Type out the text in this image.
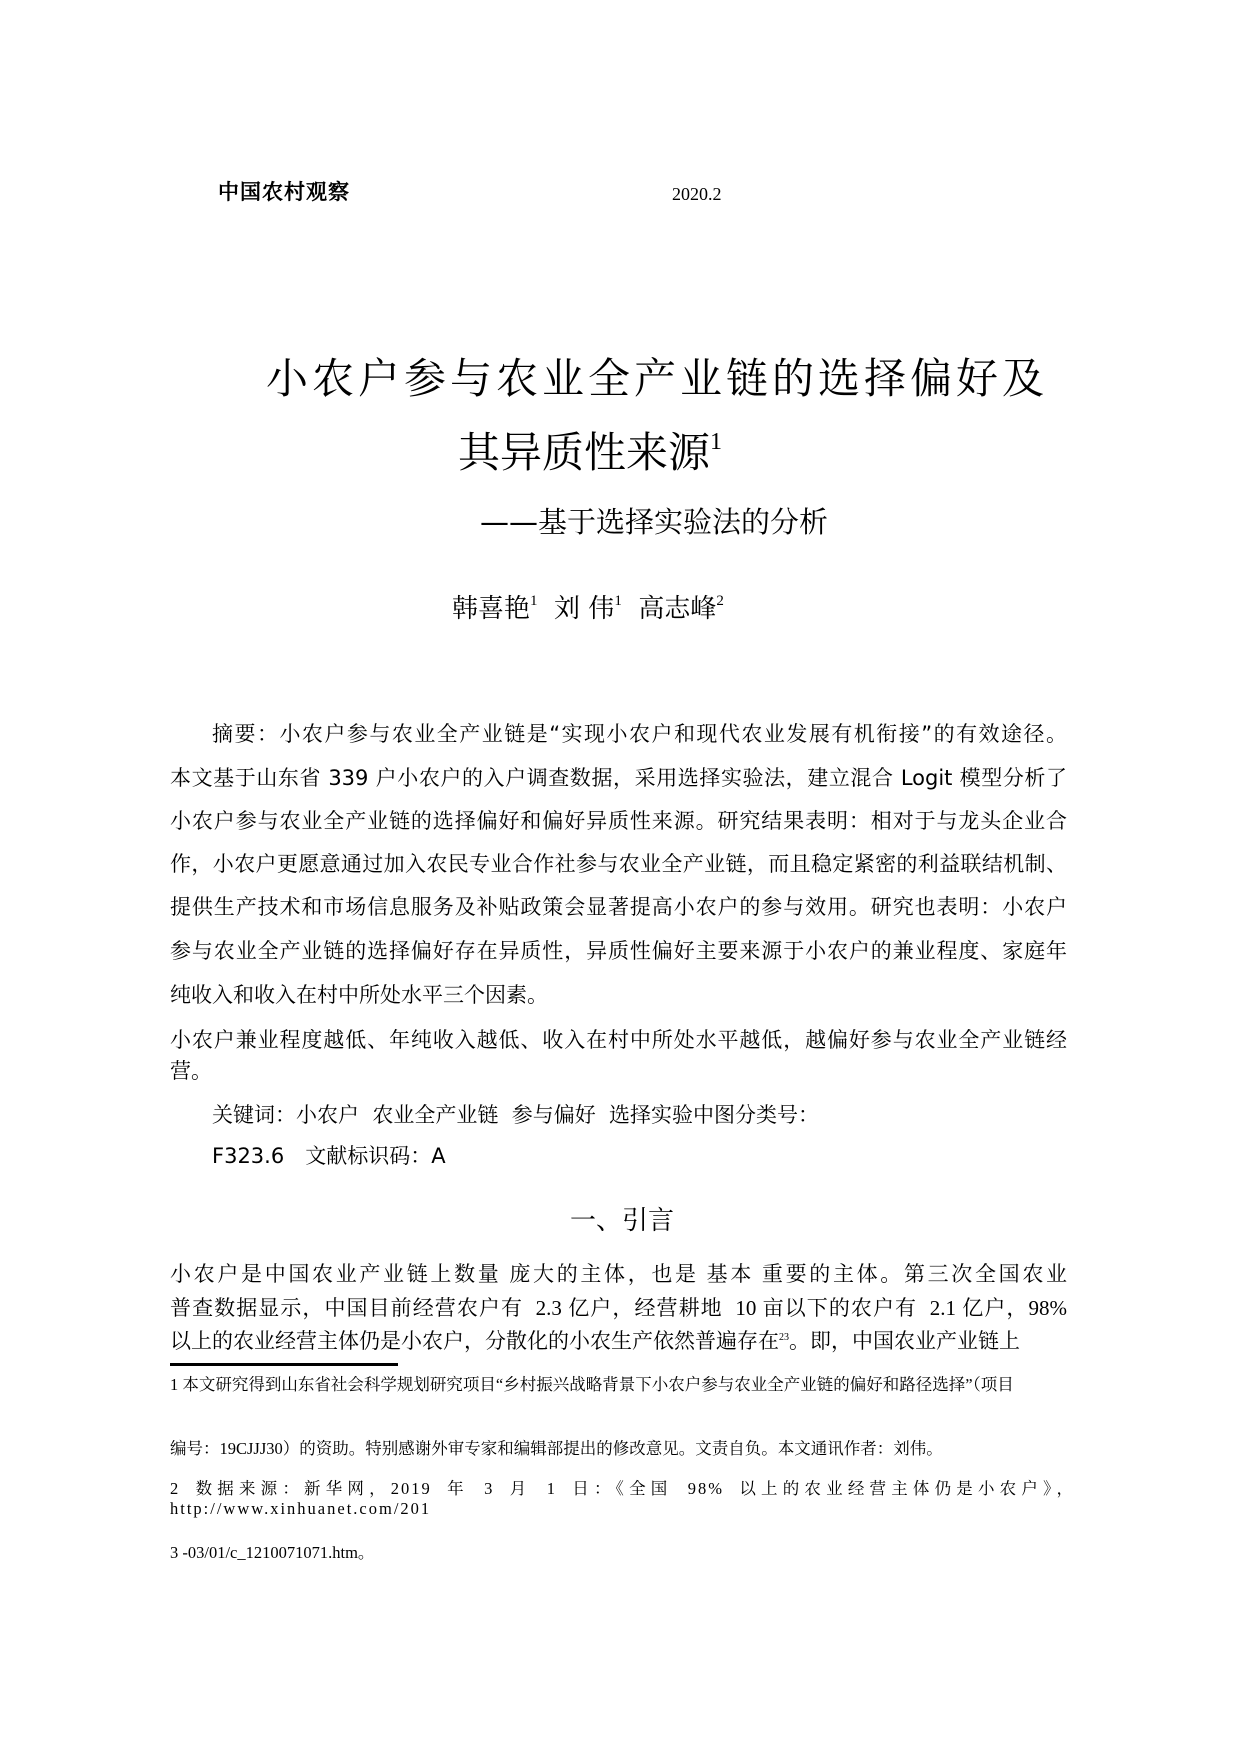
中国农村观察	2020.2
小农户参与农业全产业链的选择偏好及
其异质性来源$^1$
——基于选择实验法的分析
韩喜艳$^1$ 刘 伟$^1$ 高志峰$^2$
摘要：小农户参与农业全产业链是“实现小农户和现代农业发展有机衔接”的有效途径。
本文基于山东省 339 户小农户的入户调查数据，采用选择实验法，建立混合 Logit 模型分析了
小农户参与农业全产业链的选择偏好和偏好异质性来源。研究结果表明：相对于与龙头企业合
作，小农户更愿意通过加入农民专业合作社参与农业全产业链，而且稳定紧密的利益联结机制、
提供生产技术和市场信息服务及补贴政策会显著提高小农户的参与效用。研究也表明：小农户
参与农业全产业链的选择偏好存在异质性，异质性偏好主要来源于小农户的兼业程度、家庭年
纯收入和收入在村中所处水平三个因素。
小农户兼业程度越低、年纯收入越低、收入在村中所处水平越低，越偏好参与农业全产业链经
营。
关键词：小农户  农业全产业链  参与偏好  选择实验中图分类号：
F323.6　文献标识码：A
一、引言
小农户是中国农业产业链上数量 庞大的主体，也是 基本 重要的主体。第三次全国农业
普查数据显示，中国目前经营农户有  2.3 亿户，经营耕地  10 亩以下的农户有  2.1 亿户，98%
以上的农业经营主体仍是小农户，分散化的小农生产依然普遍存在$^{23}$。即，中国农业产业链上
1 本文研究得到山东省社会科学规划研究项目“乡村振兴战略背景下小农户参与农业全产业链的偏好和路径选择”（项目
编号：19CJJJ30）的资助。特别感谢外审专家和编辑部提出的修改意见。文责自负。本文通讯作者：刘伟。
2 数据来源：新华网，2019 年 3 月 1 日：《全国 98% 以上的农业经营主体仍是小农户》，http://www.xinhuanet.com/201
3 -03/01/c_1210071071.htm。
